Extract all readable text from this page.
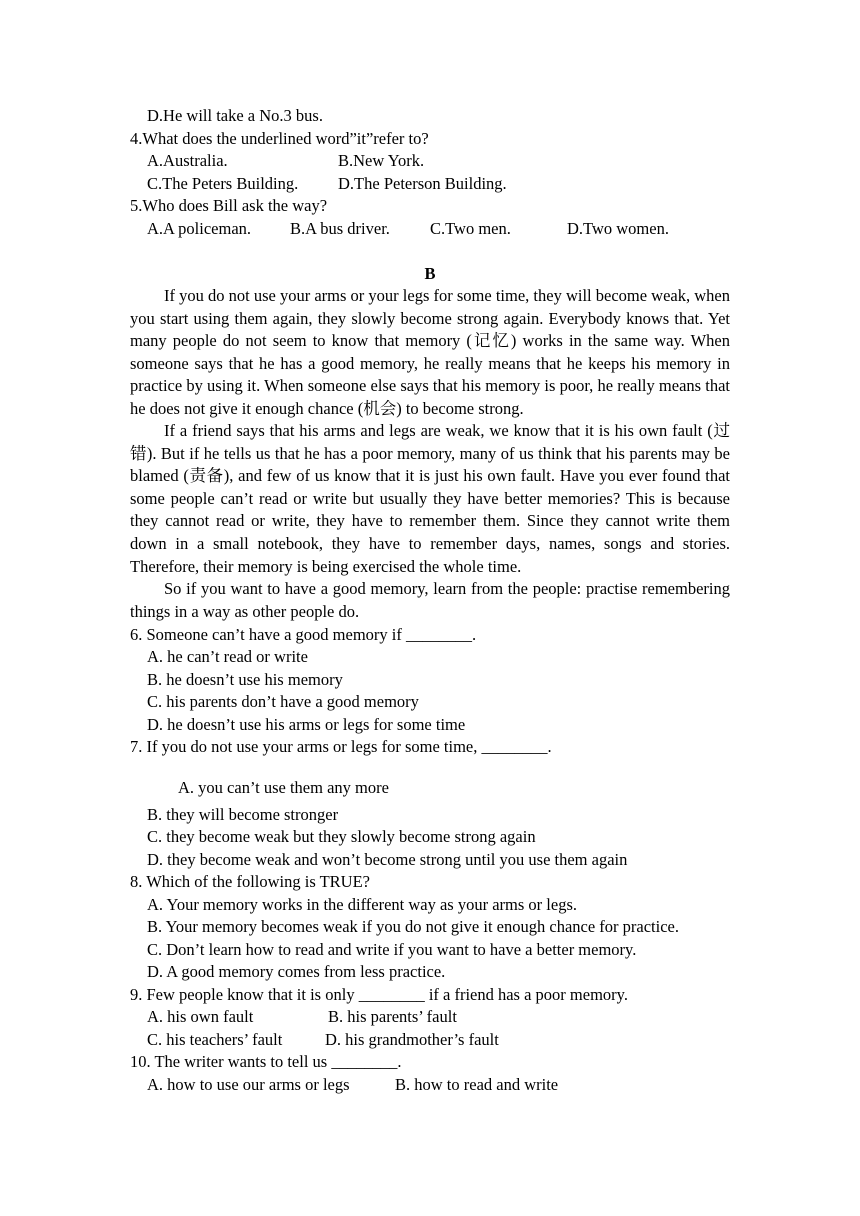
D.He will take a No.3 bus.
4.What does the underlined word”it”refer to?
A.Australia.	B.New York.
C.The Peters Building. D.The Peterson Building.
5.Who does Bill ask the way?
A.A policeman. B.A bus driver. C.Two men.	D.Two women.
B
If you do not use your arms or your legs for some time, they will become weak, when you start using them again, they slowly become strong again. Everybody knows that. Yet many people do not seem to know that memory (记忆) works in the same way. When someone says that he has a good memory, he really means that he keeps his memory in practice by using it. When someone else says that his memory is poor, he really means that he does not give it enough chance (机会) to become strong.
If a friend says that his arms and legs are weak, we know that it is his own fault (过错). But if he tells us that he has a poor memory, many of us think that his parents may be blamed (责备), and few of us know that it is just his own fault. Have you ever found that some people can’t read or write but usually they have better memories? This is because they cannot read or write, they have to remember them. Since they cannot write them down in a small notebook, they have to remember days, names, songs and stories. Therefore, their memory is being exercised the whole time.
So if you want to have a good memory, learn from the people: practise remembering things in a way as other people do.
6. Someone can’t have a good memory if ________.
A. he can’t read or write
B. he doesn’t use his memory
C. his parents don’t have a good memory
D. he doesn’t use his arms or legs for some time
7. If you do not use your arms or legs for some time, ________.
A. you can’t use them any more
B. they will become stronger
C. they become weak but they slowly become strong again
D. they become weak and won’t become strong until you use them again
8. Which of the following is TRUE?
A. Your memory works in the different way as your arms or legs.
B. Your memory becomes weak if you do not give it enough chance for practice.
C. Don’t learn how to read and write if you want to have a better memory.
D. A good memory comes from less practice.
9. Few people know that it is only ________ if a friend has a poor memory.
A. his own fault	B. his parents’ fault
C. his teachers’ fault	D. his grandmother’s fault
10. The writer wants to tell us ________.
A. how to use our arms or legs	B. how to read and write
